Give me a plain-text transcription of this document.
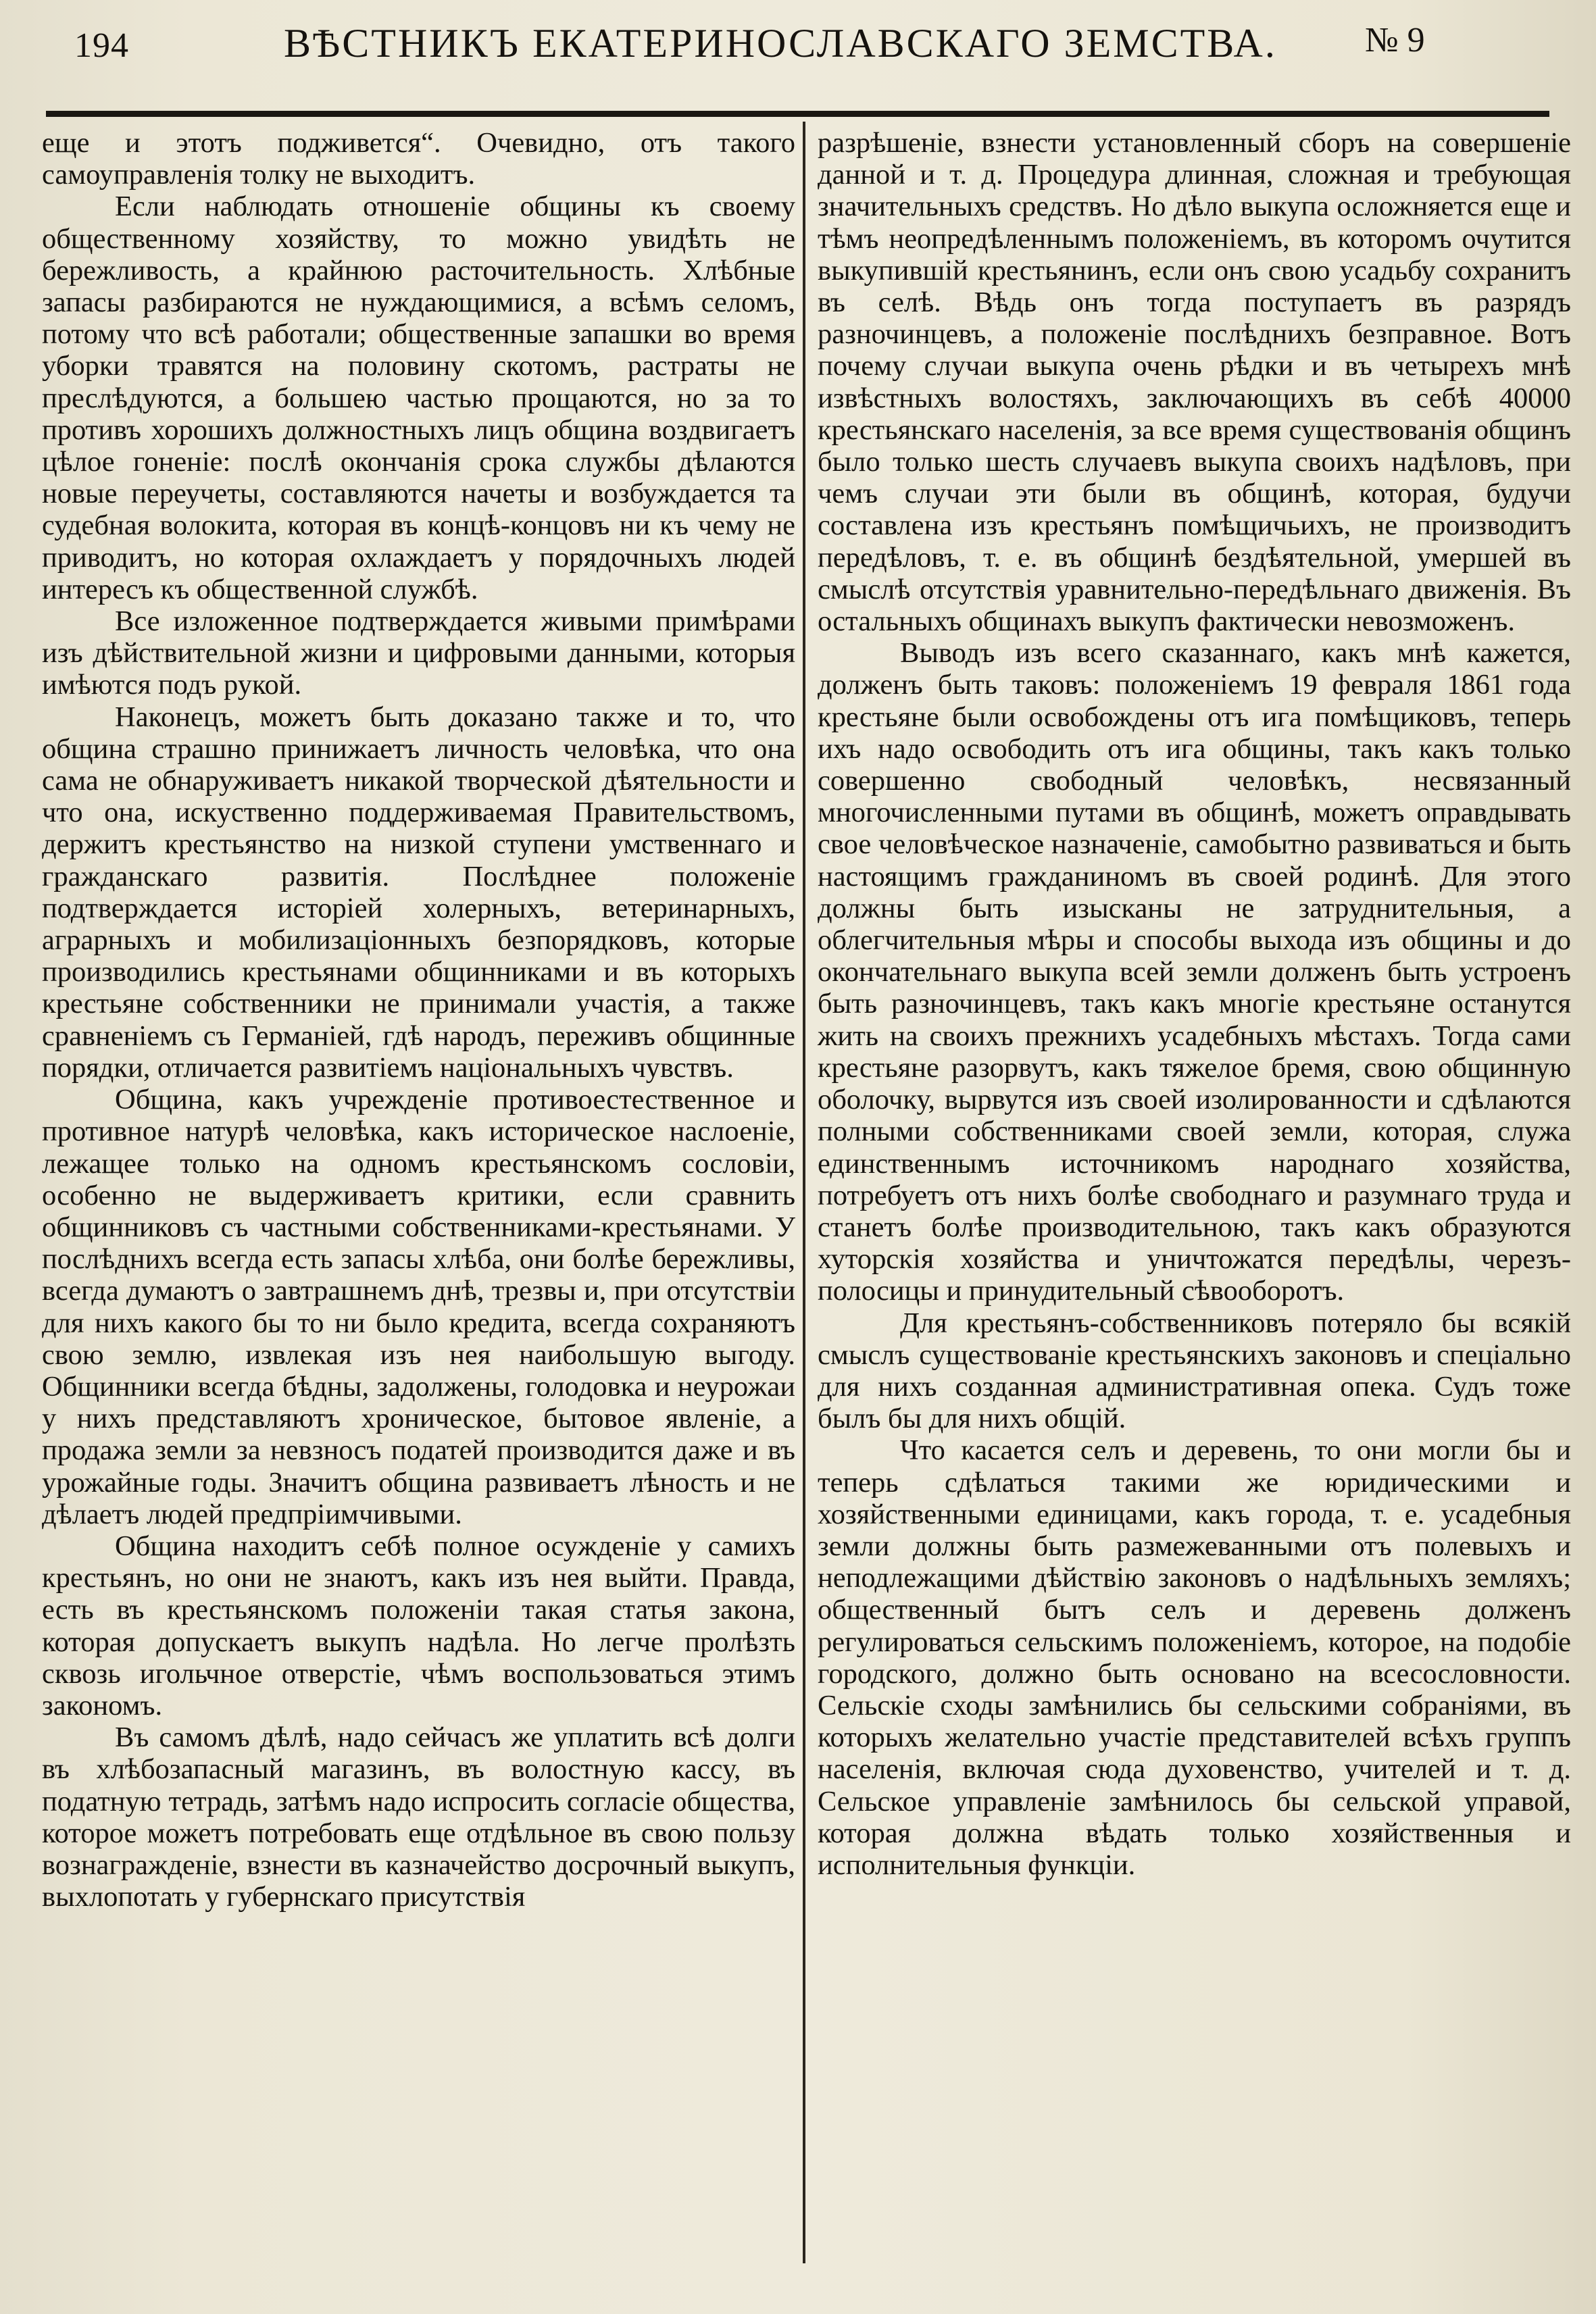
194	ВѢСТНИКЪ ЕКАТЕРИНОСЛАВСКАГО ЗЕМСТВА.	№ 9

еще и этотъ подживется“. Очевидно, отъ такого самоуправленія толку не выходитъ.

Если наблюдать отношеніе общины къ своему общественному хозяйству, то можно увидѣть не бережливость, а крайнюю расточительность. Хлѣбные запасы разбираются не нуждающимися, а всѣмъ селомъ, потому что всѣ работали; общественные запашки во время уборки травятся на половину скотомъ, растраты не преслѣдуются, а большею частью прощаются, но за то противъ хорошихъ должностныхъ лицъ община воздвигаетъ цѣлое гоненіе: послѣ окончанія срока службы дѣлаются новые переучеты, составляются начеты и возбуждается та судебная волокита, которая въ концѣ-концовъ ни къ чему не приводитъ, но которая охлаждаетъ у порядочныхъ людей интересъ къ общественной службѣ.

Все изложенное подтверждается живыми примѣрами изъ дѣйствительной жизни и цифровыми данными, которыя имѣются подъ рукой.

Наконецъ, можетъ быть доказано также и то, что община страшно принижаетъ личность человѣка, что она сама не обнаруживаетъ никакой творческой дѣятельности и что она, искуственно поддерживаемая Правительствомъ, держитъ крестьянство на низкой ступени умственнаго и гражданскаго развитія. Послѣднее положеніе подтверждается исторіей холерныхъ, ветеринарныхъ, аграрныхъ и мобилизаціонныхъ безпорядковъ, которые производились крестьянами общинниками и въ которыхъ крестьяне собственники не принимали участія, а также сравненіемъ съ Германіей, гдѣ народъ, переживъ общинные порядки, отличается развитіемъ національныхъ чувствъ.

Община, какъ учрежденіе противоестественное и противное натурѣ человѣка, какъ историческое наслоеніе, лежащее только на одномъ крестьянскомъ сословіи, особенно не выдерживаетъ критики, если сравнить общинниковъ съ частными собственниками-крестьянами. У послѣднихъ всегда есть запасы хлѣба, они болѣе бережливы, всегда думаютъ о завтрашнемъ днѣ, трезвы и, при отсутствіи для нихъ какого бы то ни было кредита, всегда сохраняютъ свою землю, извлекая изъ нея наибольшую выгоду. Общинники всегда бѣдны, задолжены, голодовка и неурожаи у нихъ представляютъ хроническое, бытовое явленіе, а продажа земли за невзносъ податей производится даже и въ урожайные годы. Значитъ община развиваетъ лѣность и не дѣлаетъ людей предпріимчивыми.

Община находитъ себѣ полное осужденіе у самихъ крестьянъ, но они не знаютъ, какъ изъ нея выйти. Правда, есть въ крестьянскомъ положеніи такая статья закона, которая допускаетъ выкупъ надѣла. Но легче пролѣзть сквозь игольчное отверстіе, чѣмъ воспользоваться этимъ закономъ.

Въ самомъ дѣлѣ, надо сейчасъ же уплатить всѣ долги въ хлѣбозапасный магазинъ, въ волостную кассу, въ податную тетрадь, затѣмъ надо испросить согласіе общества, которое можетъ потребовать еще отдѣльное въ свою пользу вознагражденіе, взнести въ казначейство досрочный выкупъ, выхлопотать у губернскаго присутствія

разрѣшеніе, взнести установленный сборъ на совершеніе данной и т. д. Процедура длинная, сложная и требующая значительныхъ средствъ. Но дѣло выкупа осложняется еще и тѣмъ неопредѣленнымъ положеніемъ, въ которомъ очутится выкупившій крестьянинъ, если онъ свою усадьбу сохранитъ въ селѣ. Вѣдь онъ тогда поступаетъ въ разрядъ разночинцевъ, а положеніе послѣднихъ безправное. Вотъ почему случаи выкупа очень рѣдки и въ четырехъ мнѣ извѣстныхъ волостяхъ, заключающихъ въ себѣ 40000 крестьянскаго населенія, за все время существованія общинъ было только шесть случаевъ выкупа своихъ надѣловъ, при чемъ случаи эти были въ общинѣ, которая, будучи составлена изъ крестьянъ помѣщичьихъ, не производитъ передѣловъ, т. е. въ общинѣ бездѣятельной, умершей въ смыслѣ отсутствія уравнительно-передѣльнаго движенія. Въ остальныхъ общинахъ выкупъ фактически невозможенъ.

Выводъ изъ всего сказаннаго, какъ мнѣ кажется, долженъ быть таковъ: положеніемъ 19 февраля 1861 года крестьяне были освобождены отъ ига помѣщиковъ, теперь ихъ надо освободить отъ ига общины, такъ какъ только совершенно свободный человѣкъ, несвязанный многочисленными путами въ общинѣ, можетъ оправдывать свое человѣческое назначеніе, самобытно развиваться и быть настоящимъ гражданиномъ въ своей родинѣ. Для этого должны быть изысканы не затруднительныя, а облегчительныя мѣры и способы выхода изъ общины и до окончательнаго выкупа всей земли долженъ быть устроенъ быть разночинцевъ, такъ какъ многіе крестьяне останутся жить на своихъ прежнихъ усадебныхъ мѣстахъ. Тогда сами крестьяне разорвутъ, какъ тяжелое бремя, свою общинную оболочку, вырвутся изъ своей изолированности и сдѣлаются полными собственниками своей земли, которая, служа единственнымъ источникомъ народнаго хозяйства, потребуетъ отъ нихъ болѣе свободнаго и разумнаго труда и станетъ болѣе производительною, такъ какъ образуются хуторскія хозяйства и уничтожатся передѣлы, черезъ-полосицы и принудительный сѣвооборотъ.

Для крестьянъ-собственниковъ потеряло бы всякій смыслъ существованіе крестьянскихъ законовъ и спеціально для нихъ созданная административная опека. Судъ тоже былъ бы для нихъ общій.

Что касается селъ и деревень, то они могли бы и теперь сдѣлаться такими же юридическими и хозяйственными единицами, какъ города, т. е. усадебныя земли должны быть размежеванными отъ полевыхъ и неподлежащими дѣйствію законовъ о надѣльныхъ земляхъ; общественный бытъ селъ и деревень долженъ регулироваться сельскимъ положеніемъ, которое, на подобіе городского, должно быть основано на всесословности. Сельскіе сходы замѣнились бы сельскими собраніями, въ которыхъ желательно участіе представителей всѣхъ группъ населенія, включая сюда духовенство, учителей и т. д. Сельское управленіе замѣнилось бы сельской управой, которая должна вѣдать только хозяйственныя и исполнительныя функціи.
